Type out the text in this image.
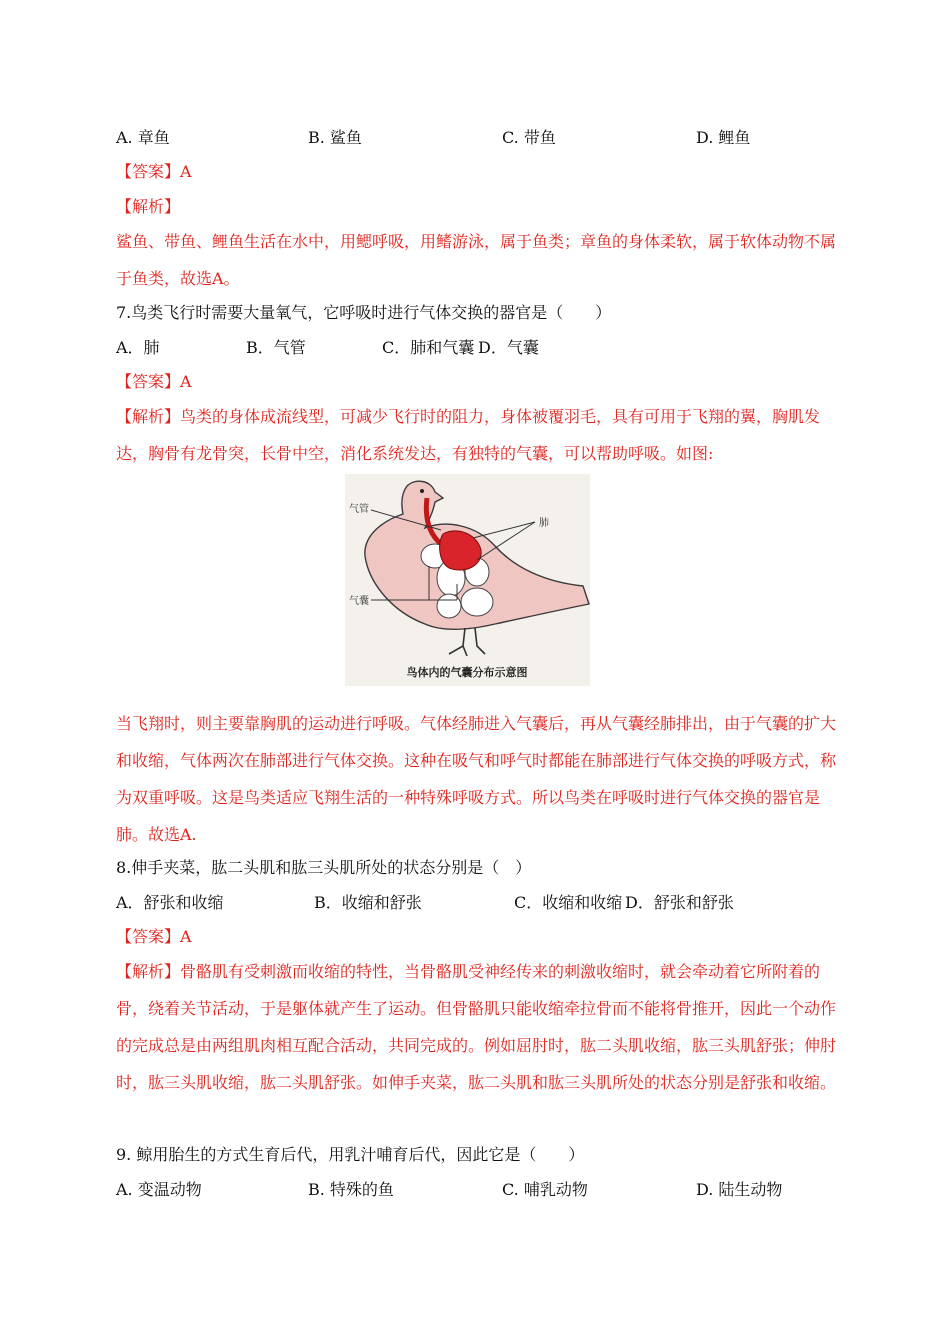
A. 章鱼	B. 鲨鱼	C. 带鱼	D. 鲤鱼
【答案】A
【解析】
鲨鱼、带鱼、鲤鱼生活在水中，用鳃呼吸，用鳍游泳，属于鱼类；章鱼的身体柔软，属于软体动物不属于鱼类，故选A。
7.鸟类飞行时需要大量氧气，它呼吸时进行气体交换的器官是（　　）
A．肺	B．气管	C．肺和气囊 D．气囊
【答案】A
【解析】鸟类的身体成流线型，可减少飞行时的阻力，身体被覆羽毛，具有可用于飞翔的翼，胸肌发达，胸骨有龙骨突，长骨中空，消化系统发达，有独特的气囊，可以帮助呼吸。如图:
气管
肺
气囊
鸟体内的气囊分布示意图
当飞翔时，则主要靠胸肌的运动进行呼吸。气体经肺进入气囊后，再从气囊经肺排出，由于气囊的扩大和收缩，气体两次在肺部进行气体交换。这种在吸气和呼气时都能在肺部进行气体交换的呼吸方式，称为双重呼吸。这是鸟类适应飞翔生活的一种特殊呼吸方式。所以鸟类在呼吸时进行气体交换的器官是肺。故选A.
8.伸手夹菜，肱二头肌和肱三头肌所处的状态分别是（　）
A．舒张和收缩	B．收缩和舒张	C．收缩和收缩 D．舒张和舒张
【答案】A
【解析】骨骼肌有受刺激而收缩的特性，当骨骼肌受神经传来的刺激收缩时，就会牵动着它所附着的骨，绕着关节活动，于是躯体就产生了运动。但骨骼肌只能收缩牵拉骨而不能将骨推开，因此一个动作的完成总是由两组肌肉相互配合活动，共同完成的。例如屈肘时，肱二头肌收缩，肱三头肌舒张；伸肘时，肱三头肌收缩，肱二头肌舒张。如伸手夹菜，肱二头肌和肱三头肌所处的状态分别是舒张和收缩。
9. 鲸用胎生的方式生育后代，用乳汁哺育后代，因此它是（　　）
A. 变温动物	B. 特殊的鱼	C. 哺乳动物	D. 陆生动物
